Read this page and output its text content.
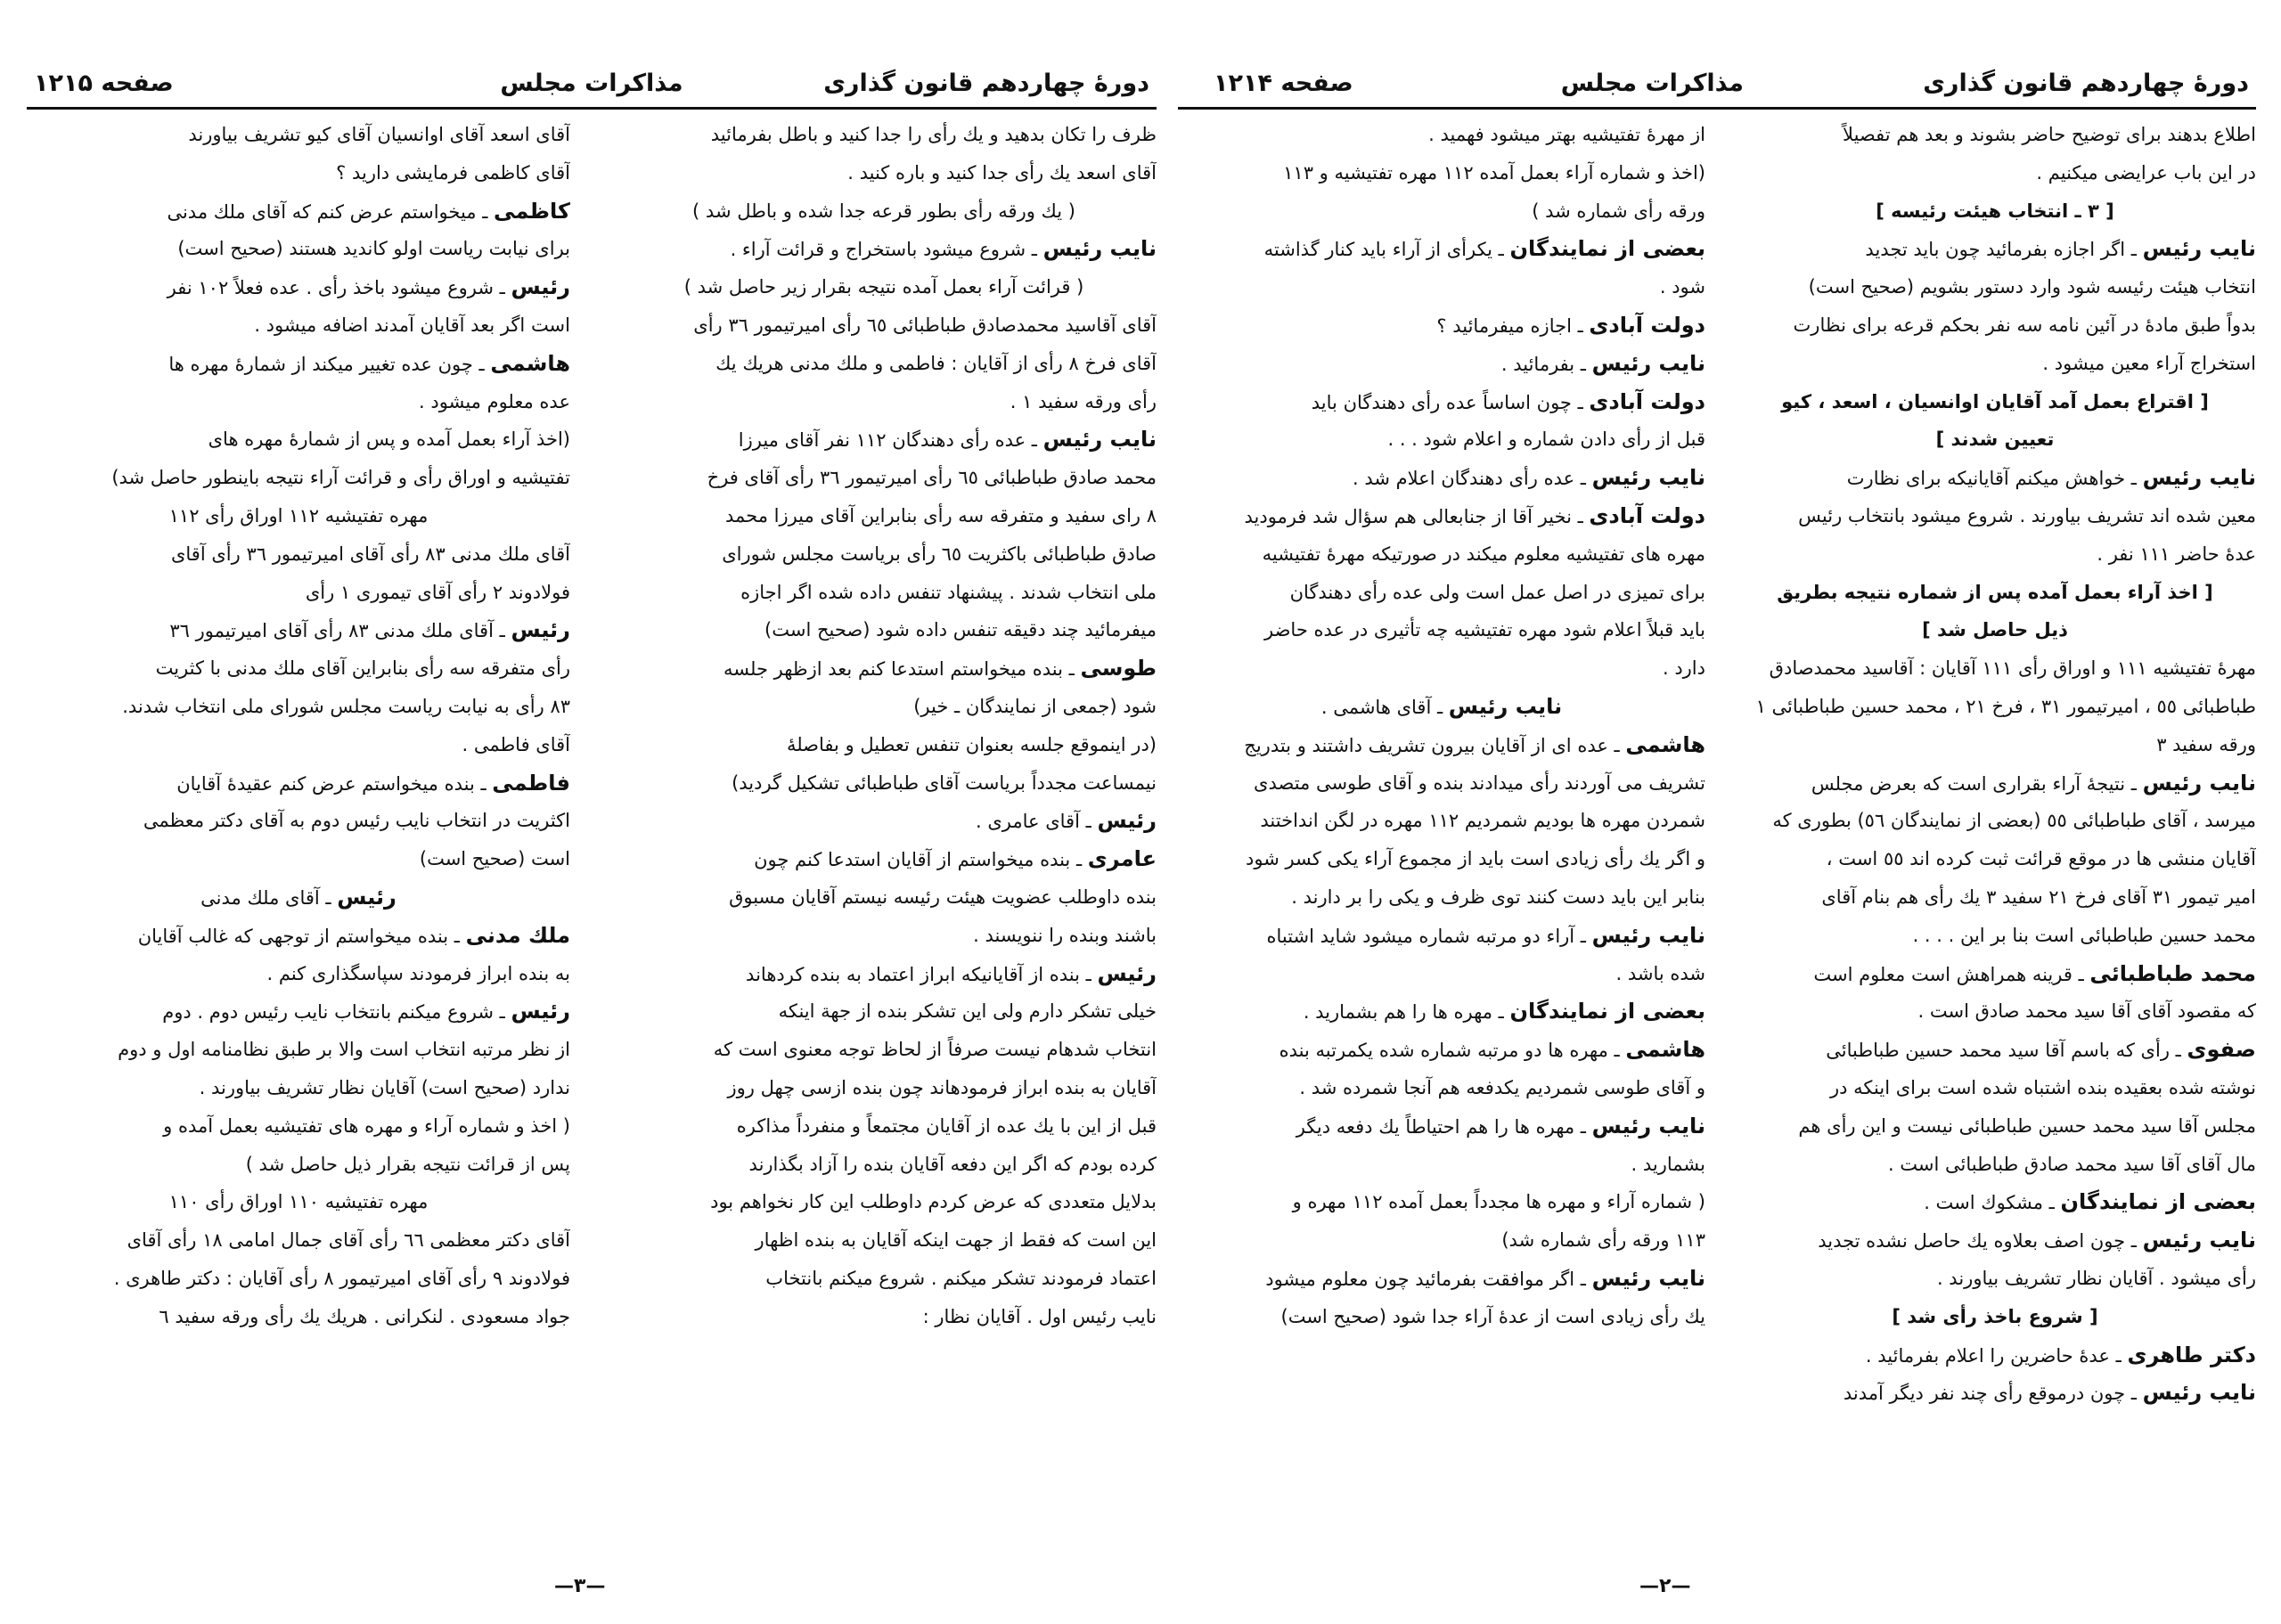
دورهٔ چهاردهم قانون گذاری
مذاکرات مجلس
صفحه ۱۲۱۵
ظرف را تکان بدهید و یك رأی را جدا کنید و باطل بفرمائید
آقای اسعد یك رأی جدا کنید و باره کنید .
( یك ورقه رأی بطور قرعه جدا شده و باطل شد )
نایب رئیس ـ شروع میشود باستخراج و قرائت آراء .
( قرائت آراء بعمل آمده نتیجه بقرار زیر حاصل شد )
آقای آقاسید محمدصادق طباطبائی ٦٥ رأی امیرتیمور ٣٦ رأی
آقای فرخ ٨ رأی از آقایان : فاطمی و ملك مدنی هریك یك
رأی ورقه سفید ١ .
نایب رئیس ـ عده رأی دهندگان ١١٢ نفر آقای میرزا
محمد صادق طباطبائی ٦٥ رأی امیرتیمور ٣٦ رأی آقای فرخ
٨ رای سفید و متفرقه سه رأی بنابراین آقای میرزا محمد
صادق طباطبائی باکثریت ٦٥ رأی بریاست مجلس شورای
ملی انتخاب شدند . پیشنهاد تنفس داده شده اگر اجازه
میفرمائید چند دقیقه تنفس داده شود (صحیح است)
طوسی ـ بنده میخواستم استدعا کنم بعد ازظهر جلسه
شود (جمعی از نمایندگان ـ خیر)
(در اینموقع جلسه بعنوان تنفس تعطیل و بفاصلهٔ
نیمساعت مجدداً بریاست آقای طباطبائی تشکیل گردید)
رئیس ـ آقای عامری .
عامری ـ بنده میخواستم از آقایان استدعا کنم چون
بنده داوطلب عضویت هیئت رئیسه نیستم آقایان مسبوق
باشند وبنده را ننویسند .
رئیس ـ بنده از آقایانیکه ابراز اعتماد به بنده کردهاند
خیلی تشکر دارم ولی این تشکر بنده از جهة اینکه
انتخاب شدهام نیست صرفاً از لحاظ توجه معنوی است که
آقایان به بنده ابراز فرمودهاند چون بنده ازسی چهل روز
قبل از این با یك عده از آقایان مجتمعاً و منفرداً مذاکره
کرده بودم که اگر این دفعه آقایان بنده را آزاد بگذارند
بدلایل متعددی که عرض کردم داوطلب این کار نخواهم بود
این است که فقط از جهت اینکه آقایان به بنده اظهار
اعتماد فرمودند تشکر میکنم . شروع میکنم بانتخاب
نایب رئیس اول . آقایان نظار :
آقای اسعد آقای اوانسیان آقای کیو تشریف بیاورند
آقای کاظمی فرمایشی دارید ؟
کاظمی ـ میخواستم عرض کنم که آقای ملك مدنی
برای نیابت ریاست اولو کاندید هستند (صحیح است)
رئیس ـ شروع میشود باخذ رأی . عده فعلاً ١٠٢ نفر
است اگر بعد آقایان آمدند اضافه میشود .
هاشمی ـ چون عده تغییر میکند از شمارهٔ مهره ها
عده معلوم میشود .
(اخذ آراء بعمل آمده و پس از شمارهٔ مهره های
تفتیشیه و اوراق رأی و قرائت آراء نتیجه باینطور حاصل شد)
مهره تفتیشیه ١١٢ اوراق رأی ١١٢
آقای ملك مدنی ٨٣ رأی آقای امیرتیمور ٣٦ رأی آقای
فولادوند ٢ رأی آقای تیموری ١ رأی
رئیس ـ آقای ملك مدنی ٨٣ رأی آقای امیرتیمور ٣٦
رأی متفرقه سه رأی بنابراین آقای ملك مدنی با کثریت
٨٣ رأی به نیابت ریاست مجلس شورای ملی انتخاب شدند.
آقای فاطمی .
فاطمی ـ بنده میخواستم عرض کنم عقیدهٔ آقایان
اکثریت در انتخاب نایب رئیس دوم به آقای دکتر معظمی
است (صحیح است)
رئیس ـ آقای ملك مدنی
ملك مدنی ـ بنده میخواستم از توجهی که غالب آقایان
به بنده ابراز فرمودند سپاسگذاری کنم .
رئیس ـ شروع میکنم بانتخاب نایب رئیس دوم . دوم
از نظر مرتبه انتخاب است والا بر طبق نظامنامه اول و دوم
ندارد (صحیح است) آقایان نظار تشریف بیاورند .
( اخذ و شماره آراء و مهره های تفتیشیه بعمل آمده و
پس از قرائت نتیجه بقرار ذیل حاصل شد )
مهره تفتیشیه ١١٠ اوراق رأی ١١٠
آقای دکتر معظمی ٦٦ رأی آقای جمال امامی ١٨ رأی آقای
فولادوند ٩ رأی آقای امیرتیمور ٨ رأی آقایان : دکتر طاهری .
جواد مسعودی . لنکرانی . هریك یك رأی ورقه سفید ٦
—٣—
دورهٔ چهاردهم قانون گذاری
مذاکرات مجلس
صفحه ۱۲۱۴
اطلاع بدهند برای توضیح حاضر بشوند و بعد هم تفصیلاً
در این باب عرایضی میکنیم .
[ ٣ ـ انتخاب هیئت رئیسه ]
نایب رئیس ـ اگر اجازه بفرمائید چون باید تجدید
انتخاب هیئت رئیسه شود وارد دستور بشویم (صحیح است)
بدواً طبق مادهٔ در آئین نامه سه نفر بحکم قرعه برای نظارت
استخراج آراء معین میشود .
[ اقتراع بعمل آمد آقایان اوانسیان ، اسعد ، کیو
تعیین شدند ]
نایب رئیس ـ خواهش میکنم آقایانیکه برای نظارت
معین شده اند تشریف بیاورند . شروع میشود بانتخاب رئیس
عدهٔ حاضر ١١١ نفر .
[ اخذ آراء بعمل آمده پس از شماره نتیجه بطریق
ذیل حاصل شد ]
مهرهٔ تفتیشیه ١١١ و اوراق رأی ١١١ آقایان : آقاسید محمدصادق
طباطبائی ٥٥ ، امیرتیمور ٣١ ، فرخ ٢١ ، محمد حسین طباطبائی ١
ورقه سفید ٣
نایب رئیس ـ نتیجهٔ آراء بقراری است که بعرض مجلس
میرسد ، آقای طباطبائی ٥٥ (بعضی از نمایندگان ٥٦) بطوری که
آقایان منشی ها در موقع قرائت ثبت کرده اند ٥٥ است ،
امیر تیمور ٣١ آقای فرخ ٢١ سفید ٣ یك رأی هم بنام آقای
محمد حسین طباطبائی است بنا بر این . . . .
محمد طباطبائی ـ قرینه همراهش است معلوم است
که مقصود آقای آقا سید محمد صادق است .
صفوی ـ رأی که باسم آقا سید محمد حسین طباطبائی
نوشته شده بعقیده بنده اشتباه شده است برای اینکه در
مجلس آقا سید محمد حسین طباطبائی نیست و این رأی هم
مال آقای آقا سید محمد صادق طباطبائی است .
بعضی از نمایندگان ـ مشکوك است .
نایب رئیس ـ چون اصف بعلاوه یك حاصل نشده تجدید
رأی میشود . آقایان نظار تشریف بیاورند .
[ شروع باخذ رأی شد ]
دکتر طاهری ـ عدهٔ حاضرین را اعلام بفرمائید .
نایب رئیس ـ چون درموقع رأی چند نفر دیگر آمدند
از مهرهٔ تفتیشیه بهتر میشود فهمید .
(اخذ و شماره آراء بعمل آمده ١١٢ مهره تفتیشیه و ١١٣
ورقه رأی شماره شد )
بعضی از نمایندگان ـ یکرأی از آراء باید کنار گذاشته
شود .
دولت آبادی ـ اجازه میفرمائید ؟
نایب رئیس ـ بفرمائید .
دولت آبادی ـ چون اساساً عده رأی دهندگان باید
قبل از رأی دادن شماره و اعلام شود . . .
نایب رئیس ـ عده رأی دهندگان اعلام شد .
دولت آبادی ـ نخیر آقا از جنابعالی هم سؤال شد فرمودید
مهره های تفتیشیه معلوم میکند در صورتیکه مهرهٔ تفتیشیه
برای تمیزی در اصل عمل است ولی عده رأی دهندگان
باید قبلاً اعلام شود مهره تفتیشیه چه تأثیری در عده حاضر
دارد .
نایب رئیس ـ آقای هاشمی .
هاشمی ـ عده ای از آقایان بیرون تشریف داشتند و بتدریج
تشریف می آوردند رأی میدادند بنده و آقای طوسی متصدی
شمردن مهره ها بودیم شمردیم ١١٢ مهره در لگن انداختند
و اگر یك رأی زیادی است باید از مجموع آراء یکی کسر شود
بنابر این باید دست کنند توی ظرف و یکی را بر دارند .
نایب رئیس ـ آراء دو مرتبه شماره میشود شاید اشتباه
شده باشد .
بعضی از نمایندگان ـ مهره ها را هم بشمارید .
هاشمی ـ مهره ها دو مرتبه شماره شده یکمرتبه بنده
و آقای طوسی شمردیم یکدفعه هم آنجا شمرده شد .
نایب رئیس ـ مهره ها را هم احتیاطاً یك دفعه دیگر
بشمارید .
( شماره آراء و مهره ها مجدداً بعمل آمده ١١٢ مهره و
١١٣ ورقه رأی شماره شد)
نایب رئیس ـ اگر موافقت بفرمائید چون معلوم میشود
یك رأی زیادی است از عدهٔ آراء جدا شود (صحیح است)
—٢—
